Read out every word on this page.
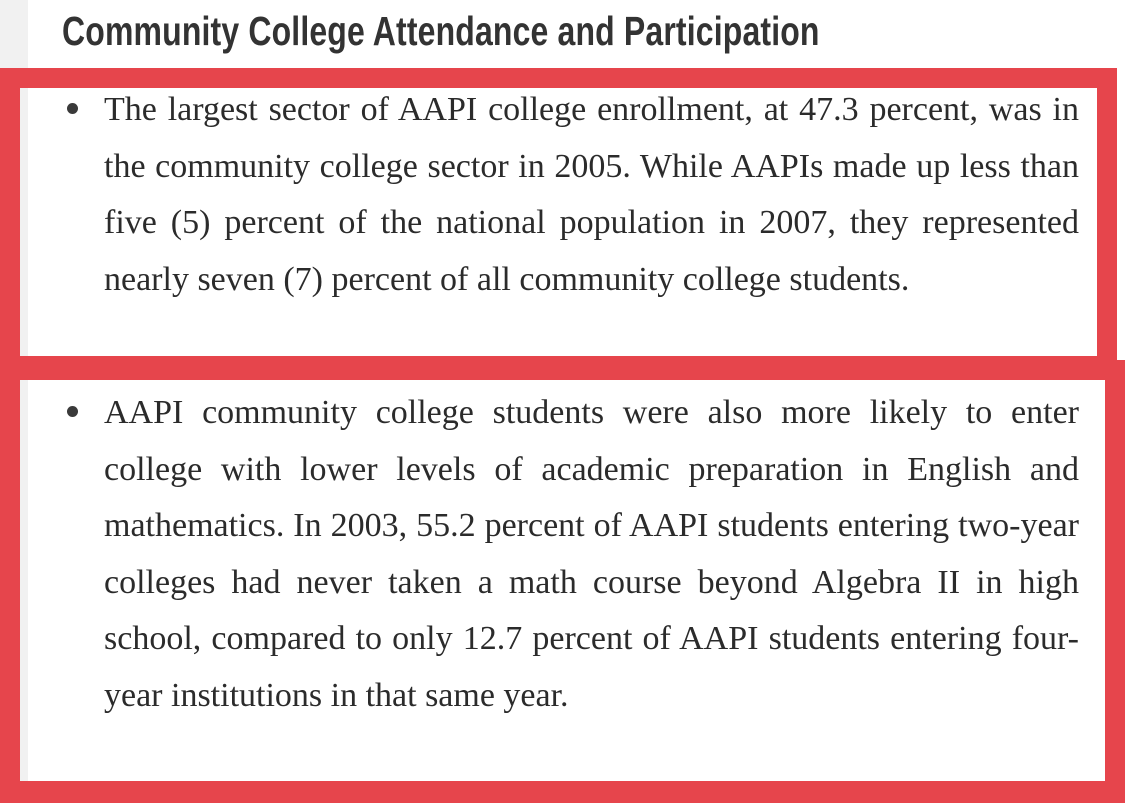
Community College Attendance and Participation

The largest sector of AAPI college enrollment, at 47.3 percent, was in the community college sector in 2005. While AAPIs made up less than five (5) percent of the national population in 2007, they represented nearly seven (7) percent of all community college students.

AAPI community college students were also more likely to enter college with lower levels of academic preparation in English and mathematics. In 2003, 55.2 percent of AAPI students entering two-year colleges had never taken a math course beyond Algebra II in high school, compared to only 12.7 percent of AAPI students entering four-year institutions in that same year.
